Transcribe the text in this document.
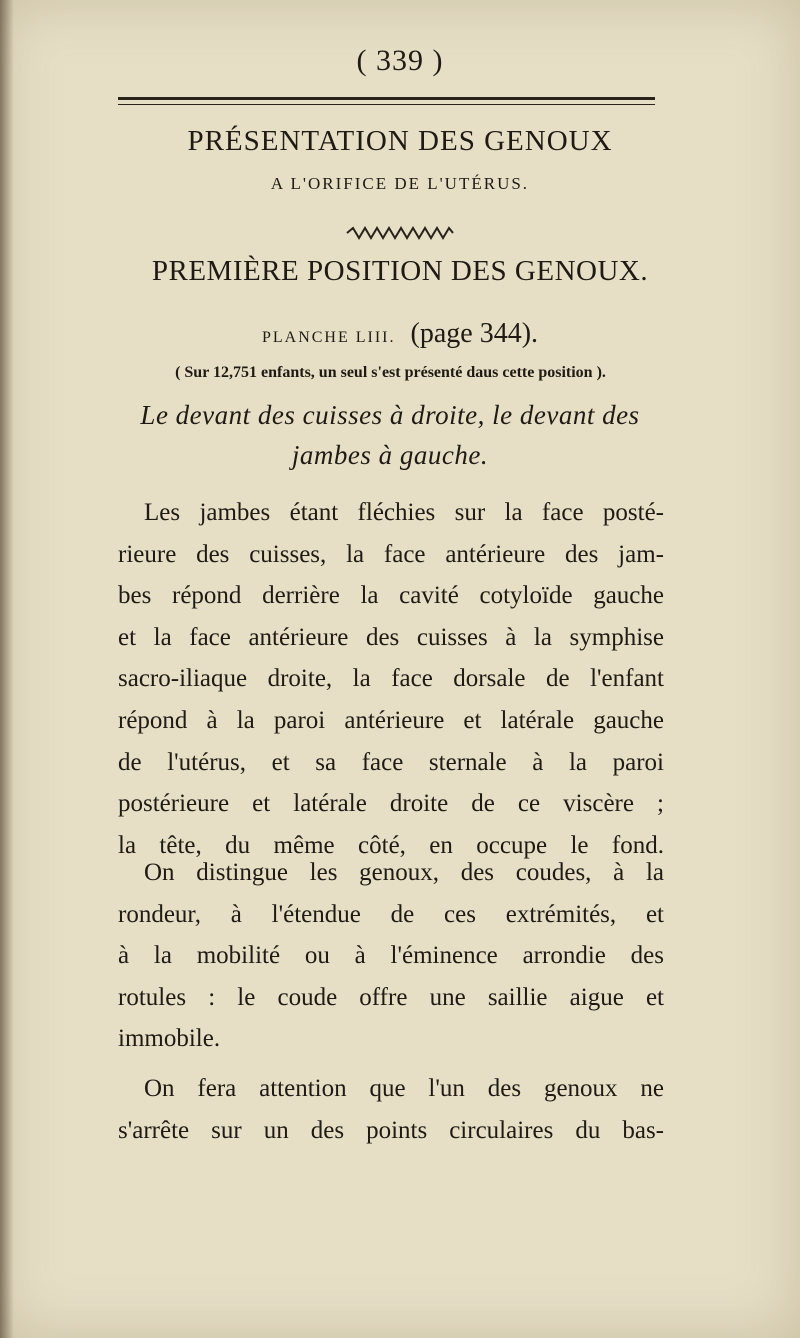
( 339 )
PRÉSENTATION DES GENOUX
A L'ORIFICE DE L'UTÉRUS.
PREMIÈRE POSITION DES GENOUX.
PLANCHE LIII. (page 344).
( Sur 12,751 enfants, un seul s'est présenté daus cette position ).
Le devant des cuisses à droite, le devant des
jambes à gauche.
Les jambes étant fléchies sur la face posté-
rieure des cuisses, la face antérieure des jam-
bes répond derrière la cavité cotyloïde gauche
et la face antérieure des cuisses à la symphise
sacro-iliaque droite, la face dorsale de l'enfant
répond à la paroi antérieure et latérale gauche
de l'utérus, et sa face sternale à la paroi
postérieure et latérale droite de ce viscère ;
la tête, du même côté, en occupe le fond.
On distingue les genoux, des coudes, à la
rondeur, à l'étendue de ces extrémités, et
à la mobilité ou à l'éminence arrondie des
rotules : le coude offre une saillie aigue et
immobile.
On fera attention que l'un des genoux ne
s'arrête sur un des points circulaires du bas-
